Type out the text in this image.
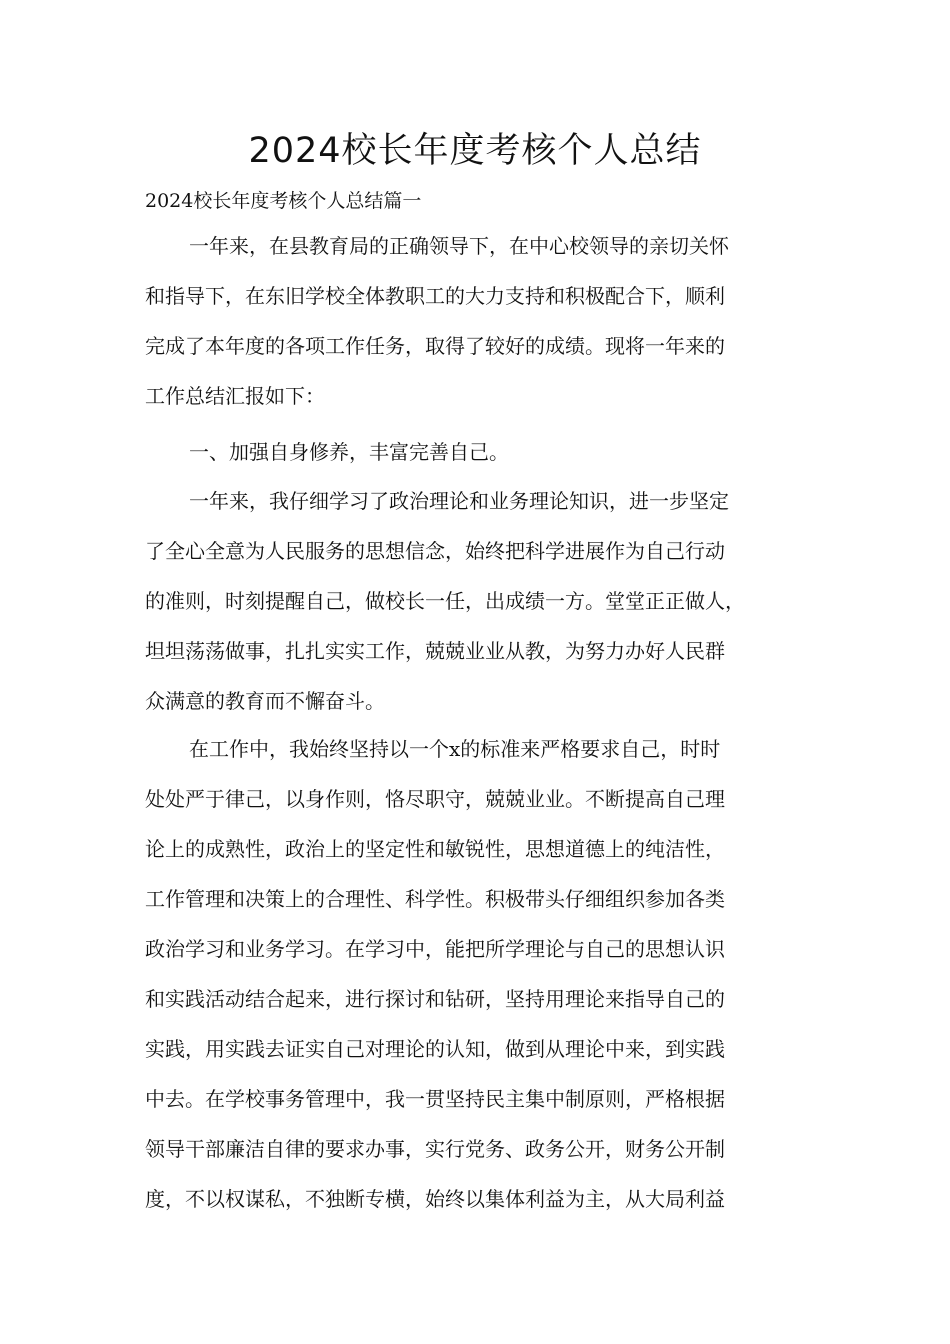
2024校长年度考核个人总结

2024校长年度考核个人总结篇一

一年来，在县教育局的正确领导下，在中心校领导的亲切关怀
和指导下，在东旧学校全体教职工的大力支持和积极配合下，顺利
完成了本年度的各项工作任务，取得了较好的成绩。现将一年来的
工作总结汇报如下：
一、加强自身修养，丰富完善自己。
一年来，我仔细学习了政治理论和业务理论知识，进一步坚定
了全心全意为人民服务的思想信念，始终把科学进展作为自己行动
的准则，时刻提醒自己，做校长一任，出成绩一方。堂堂正正做人，
坦坦荡荡做事，扎扎实实工作，兢兢业业从教，为努力办好人民群
众满意的教育而不懈奋斗。
在工作中，我始终坚持以一个x的标准来严格要求自己，时时
处处严于律己，以身作则，恪尽职守，兢兢业业。不断提高自己理
论上的成熟性，政治上的坚定性和敏锐性，思想道德上的纯洁性，
工作管理和决策上的合理性、科学性。积极带头仔细组织参加各类
政治学习和业务学习。在学习中，能把所学理论与自己的思想认识
和实践活动结合起来，进行探讨和钻研，坚持用理论来指导自己的
实践，用实践去证实自己对理论的认知，做到从理论中来，到实践
中去。在学校事务管理中，我一贯坚持民主集中制原则，严格根据
领导干部廉洁自律的要求办事，实行党务、政务公开，财务公开制
度，不以权谋私，不独断专横，始终以集体利益为主，从大局利益
